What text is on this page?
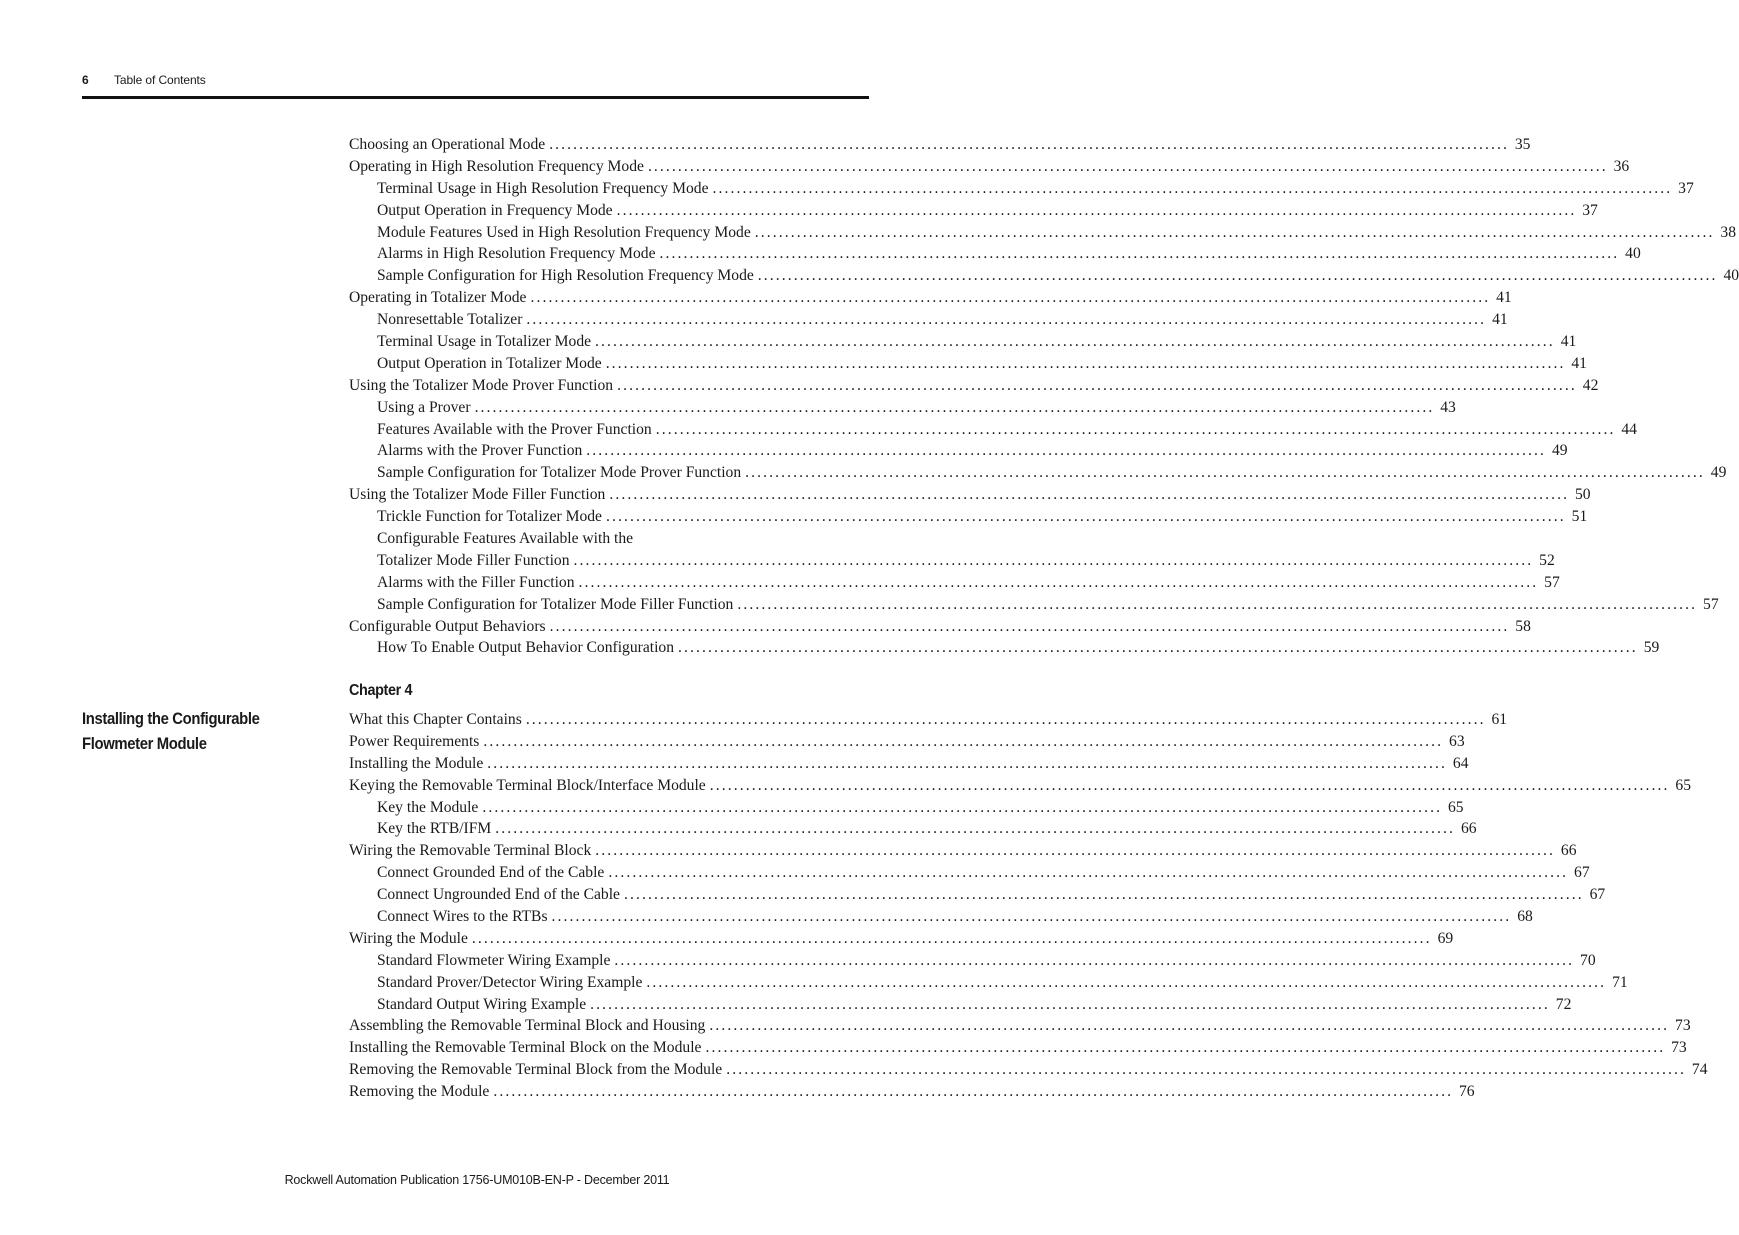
6 Table of Contents
Choosing an Operational Mode ................................................................................................................................................................ 35
Operating in High Resolution Frequency Mode ................................................................................................................................................................ 36
Terminal Usage in High Resolution Frequency Mode ................................................................................................................................................................ 37
Output Operation in Frequency Mode ................................................................................................................................................................ 37
Module Features Used in High Resolution Frequency Mode ................................................................................................................................................................ 38
Alarms in High Resolution Frequency Mode ................................................................................................................................................................ 40
Sample Configuration for High Resolution Frequency Mode ................................................................................................................................................................ 40
Operating in Totalizer Mode ................................................................................................................................................................ 41
Nonresettable Totalizer ................................................................................................................................................................ 41
Terminal Usage in Totalizer Mode ................................................................................................................................................................ 41
Output Operation in Totalizer Mode ................................................................................................................................................................ 41
Using the Totalizer Mode Prover Function ................................................................................................................................................................ 42
Using a Prover ................................................................................................................................................................ 43
Features Available with the Prover Function ................................................................................................................................................................ 44
Alarms with the Prover Function ................................................................................................................................................................ 49
Sample Configuration for Totalizer Mode Prover Function ................................................................................................................................................................ 49
Using the Totalizer Mode Filler Function ................................................................................................................................................................ 50
Trickle Function for Totalizer Mode ................................................................................................................................................................ 51
Configurable Features Available with the
Totalizer Mode Filler Function ................................................................................................................................................................ 52
Alarms with the Filler Function ................................................................................................................................................................ 57
Sample Configuration for Totalizer Mode Filler Function ................................................................................................................................................................ 57
Configurable Output Behaviors ................................................................................................................................................................ 58
How To Enable Output Behavior Configuration ................................................................................................................................................................ 59
Chapter 4
Installing the Configurable
Flowmeter Module
What this Chapter Contains ................................................................................................................................................................ 61
Power Requirements ................................................................................................................................................................ 63
Installing the Module ................................................................................................................................................................ 64
Keying the Removable Terminal Block/Interface Module ................................................................................................................................................................ 65
Key the Module ................................................................................................................................................................ 65
Key the RTB/IFM ................................................................................................................................................................ 66
Wiring the Removable Terminal Block ................................................................................................................................................................ 66
Connect Grounded End of the Cable ................................................................................................................................................................ 67
Connect Ungrounded End of the Cable ................................................................................................................................................................ 67
Connect Wires to the RTBs ................................................................................................................................................................ 68
Wiring the Module ................................................................................................................................................................ 69
Standard Flowmeter Wiring Example ................................................................................................................................................................ 70
Standard Prover/Detector Wiring Example ................................................................................................................................................................ 71
Standard Output Wiring Example ................................................................................................................................................................ 72
Assembling the Removable Terminal Block and Housing ................................................................................................................................................................ 73
Installing the Removable Terminal Block on the Module ................................................................................................................................................................ 73
Removing the Removable Terminal Block from the Module ................................................................................................................................................................ 74
Removing the Module ................................................................................................................................................................ 76
Rockwell Automation Publication 1756-UM010B-EN-P - December 2011
